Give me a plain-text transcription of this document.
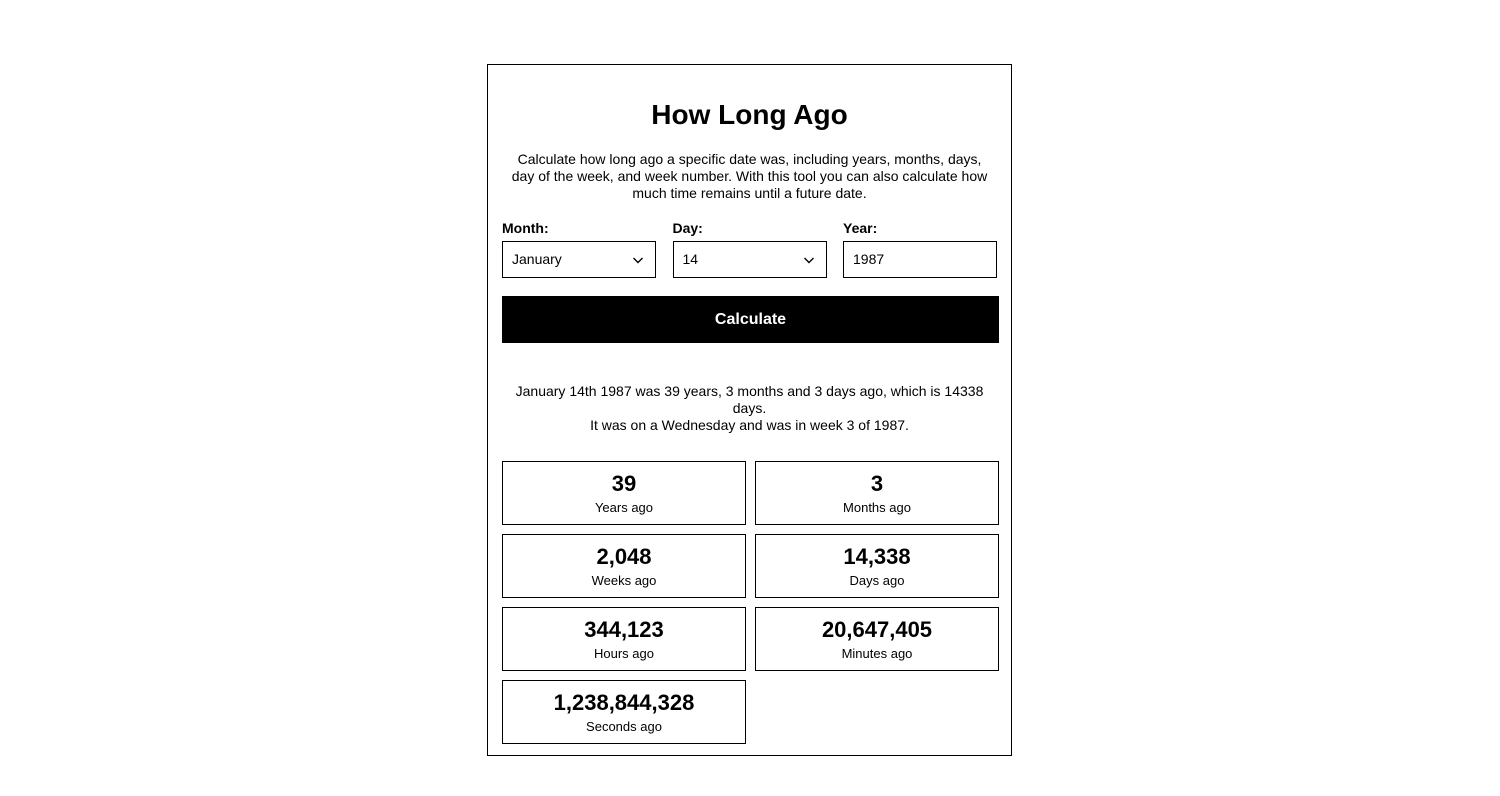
How Long Ago

Calculate how long ago a specific date was, including years, months, days, day of the week, and week number. With this tool you can also calculate how much time remains until a future date.

Month:
January
Day:
14
Year:
1987
Calculate

January 14th 1987 was 39 years, 3 months and 3 days ago, which is 14338 days.

It was on a Wednesday and was in week 3 of 1987.

39
Years ago
3
Months ago
2,048
Weeks ago
14,338
Days ago
344,123
Hours ago
20,647,405
Minutes ago
1,238,844,328
Seconds ago
